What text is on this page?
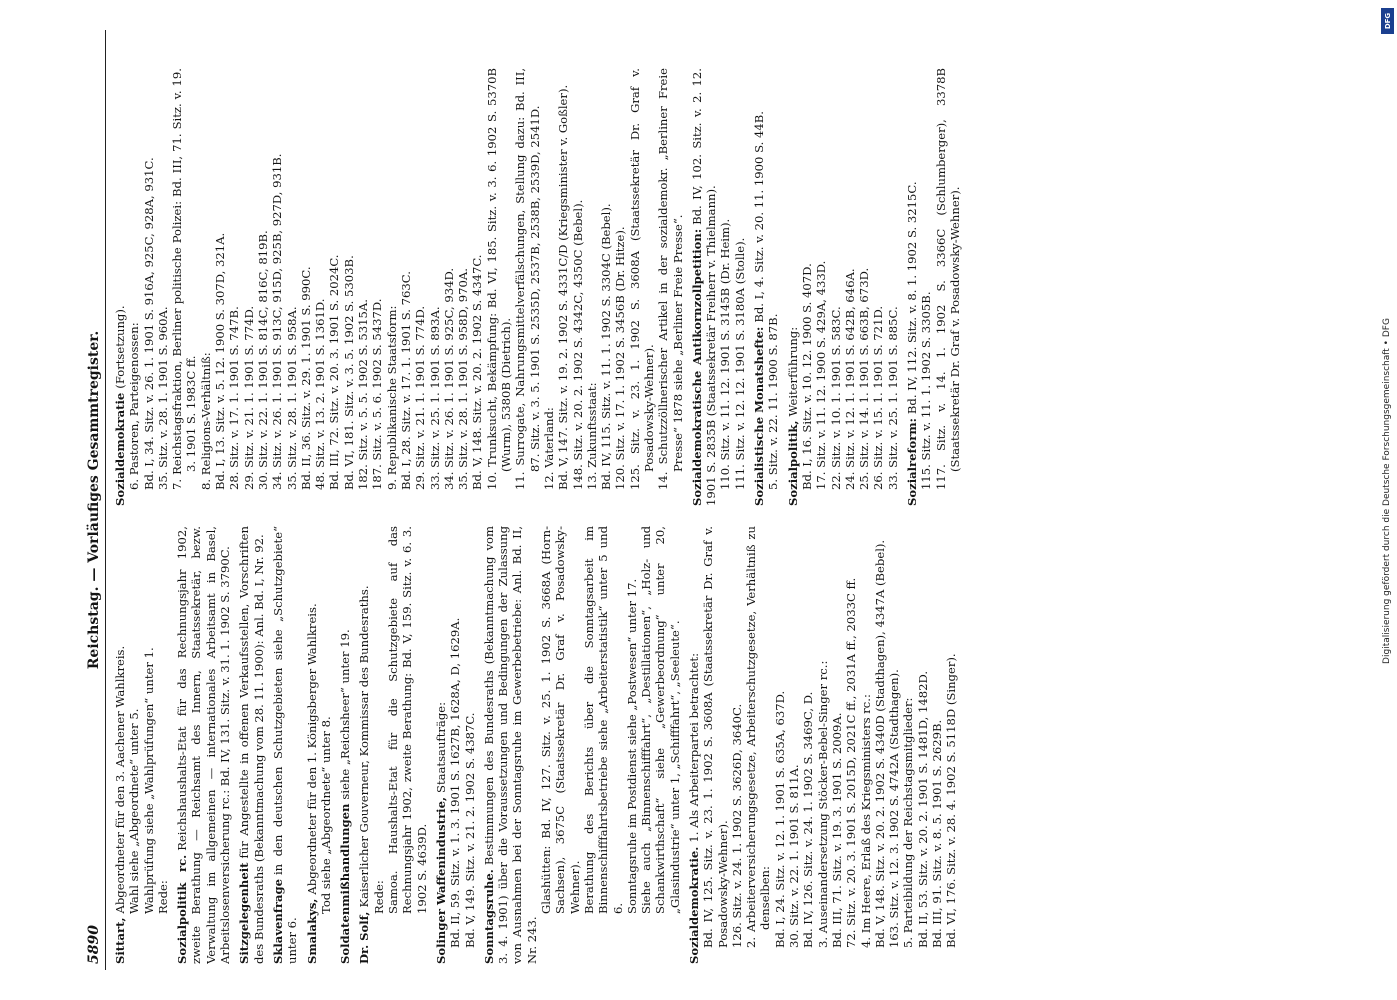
5890
Reichstag. — Vorläufiges Gesammtregister.
Sittart,Abgeordneter für den 3. Aachener Wahlkreis. Wahl siehe „Abgeordnete“ unter 5. Wahlprüfung siehe „Wahlprüfungen“ unter 1. Rede: Sozialpolitik rc.Reichshaushalts-Etat für das Rechnungsjahr 1902, zweite Berathung — Reichsamt des Innern, Staatssekretär, bezw. Verwaltung im allgemeinen — internationales Arbeitsamt in Basel, Arbeitslosenversicherung rc.: Bd. IV, 131. Sitz. v. 31. 1. 1902 S. 3790C. Sitzgelegenheitfür Angestellte in offenen Verkaufsstellen, Vorschriften des Bundesraths (Bekanntmachung vom 28. 11. 1900): Anl. Bd. I, Nr. 92. Sklavenfragein den deutschen Schutzgebieten siehe „Schutzgebiete“ unter 6. Smalakys,Abgeordneter für den 1. Königsberger Wahlkreis. Tod siehe „Abgeordnete“ unter 8. Soldatenmißhandlungensiehe „Reichsheer“ unter 19.
Dr. Solf,Kaiserlicher Gouverneur, Kommissar des Bundesraths. Rede: Samoa. Haushalts-Etat für die Schutzgebiete auf das Rechnungsjahr 1902, zweite Berathung: Bd. V, 159. Sitz. v. 6. 3. 1902 S. 4639D. Solinger Waffenindustrie,Staatsaufträge: Bd. II, 59. Sitz. v. 1. 3. 1901 S. 1627B, 1628A, D, 1629A. Bd. V, 149. Sitz. v. 21. 2. 1902 S. 4387C. Sonntagsruhe.Bestimmungen des Bundesraths (Bekanntmachung vom 3. 4. 1901) über die Voraussetzungen und Bedingungen der Zulassung von Ausnahmen bei der Sonntagsruhe im Gewerbebetriebe: Anl. Bd. II, Nr. 243.
Glashütten: Bd. IV, 127. Sitz. v. 25. 1. 1902 S. 3668A (Horn-Sachsen), 3675C (Staatssekretär Dr. Graf v. Posadowsky-Wehner). Berathung des Berichts über die Sonntagsarbeit im Binnenschifffahrtsbetriebe siehe „Arbeiterstatistik“ unter 5 und 6. Sonntagsruhe im Postdienst siehe „Postwesen“ unter 17. Siehe auch „Binnenschifffahrt“, „Destillationen“, „Holz- und Schankwirthschaft“ siehe „Gewerbeordnung“ unter 20, „Glasindustrie“ unter 1, „Schifffahrt“, „Seeleute“. Sozialdemokratie.1. Als Arbeiterpartei betrachtet: Bd. IV, 125. Sitz. v. 23. 1. 1902 S. 3608A (Staatssekretär Dr. Graf v. Posadowsky-Wehner). 126. Sitz. v. 24. 1. 1902 S. 3626D, 3640C. 2. Arbeiterversicherungsgesetze, Arbeiterschutzgesetze, Verhältniß zu denselben: Bd. I, 24. Sitz. v. 12. 1. 1901 S. 635A, 637D. 30. Sitz. v. 22. 1. 1901 S. 811A. Bd. IV, 126. Sitz. v. 24. 1. 1902 S. 3469C, D. 3. Auseinandersetzung Stöcker-Bebel-Singer rc.: Bd. III, 71. Sitz. v. 19. 3. 1901 S. 2009A. 72. Sitz. v. 20. 3. 1901 S. 2015D, 2021C ff., 2031A ff., 2033C ff. 4. Im Heere, Erlaß des Kriegsministers rc.: Bd. V, 148. Sitz. v. 20. 2. 1902 S. 4340D (Stadthagen), 4347A (Bebel). 163. Sitz. v. 12. 3. 1902 S. 4742A (Stadthagen). 5. Parteibildung der Reichstagsmitglieder: Bd. II, 53. Sitz. v. 20. 2. 1901 S. 1481D, 1482D. Bd. III, 91. Sitz. v. 8. 5. 1901 S. 2629B. Bd. VI, 176. Sitz. v. 28. 4. 1902 S. 5118D (Singer).
Sozialdemokratie(Fortsetzung). 6. Pastoren, Parteigenossen: Bd. I, 34. Sitz. v. 26. 1. 1901 S. 916A, 925C, 928A, 931C. 35. Sitz. v. 28. 1. 1901 S. 960A. 7. Reichstagsfraktion, Berliner politische Polizei: Bd. III, 71. Sitz. v. 19. 3. 1901 S. 1983C ff. 8. Religions-Verhältniß: Bd. I, 13. Sitz. v. 5. 12. 1900 S. 307D, 321A. 28. Sitz. v. 17. 1. 1901 S. 747B. 29. Sitz. v. 21. 1. 1901 S. 774D. 30. Sitz. v. 22. 1. 1901 S. 814C, 816C, 819B. 34. Sitz. v. 26. 1. 1901 S. 913C, 915D, 925B, 927D, 931B. 35. Sitz. v. 28. 1. 1901 S. 958A. Bd. II, 36. Sitz. v. 29. 1. 1901 S. 990C. 48. Sitz. v. 13. 2. 1901 S. 1361D. Bd. III, 72. Sitz. v. 20. 3. 1901 S. 2024C. Bd. VI, 181. Sitz. v. 3. 5. 1902 S. 5303B. 182. Sitz. v. 5. 5. 1902 S. 5315A. 187. Sitz. v. 5. 6. 1902 S. 5437D. 9. Republikanische Staatsform: Bd. I, 28. Sitz. v. 17. 1. 1901 S. 763C. 29. Sitz. v. 21. 1. 1901 S. 774D. 33. Sitz. v. 25. 1. 1901 S. 893A. 34. Sitz. v. 26. 1. 1901 S. 925C, 934D. 35. Sitz. v. 28. 1. 1901 S. 958D, 970A. Bd. V, 148. Sitz. v. 20. 2. 1902 S. 4347C. 10. Trunksucht, Bekämpfung: Bd. VI, 185. Sitz. v. 3. 6. 1902 S. 5370B (Wurm), 5380B (Dietrich). 11. Surrogate, Nahrungsmittelverfälschungen, Stellung dazu: Bd. III, 87. Sitz. v. 3. 5. 1901 S. 2535D, 2537B, 2538B, 2539D, 2541D. 12. Vaterland: Bd. V, 147. Sitz. v. 19. 2. 1902 S. 4331C/D (Kriegsminister v. Goßler). 148. Sitz. v. 20. 2. 1902 S. 4342C, 4350C (Bebel). 13. Zukunftsstaat: Bd. IV, 115. Sitz. v. 11. 1. 1902 S. 3304C (Bebel). 120. Sitz. v. 17. 1. 1902 S. 3456B (Dr. Hitze). 125. Sitz. v. 23. 1. 1902 S. 3608A (Staatssekretär Dr. Graf v. Posadowsky-Wehner). 14. Schutzzöllnerischer Artikel in der sozialdemokr. „Berliner Freie Presse“ 1878 siehe „Berliner Freie Presse“. Sozialdemokratische Antikornzollpetition:Bd. IV, 102. Sitz. v. 2. 12. 1901 S. 2835B (Staatssekretär Freiherr v. Thielmann). 110. Sitz. v. 11. 12. 1901 S. 3145B (Dr. Heim). 111. Sitz. v. 12. 12. 1901 S. 3180A (Stolle). Sozialistische Monatshefte:Bd. I, 4. Sitz. v. 20. 11. 1900 S. 44B.
5. Sitz. v. 22. 11. 1900 S. 87B. Sozialpolitik,Weiterführung: Bd. I, 16. Sitz. v. 10. 12. 1900 S. 407D. 17. Sitz. v. 11. 12. 1900 S. 429A, 433D. 22. Sitz. v. 10. 1. 1901 S. 583C. 24. Sitz. v. 12. 1. 1901 S. 642B, 646A. 25. Sitz. v. 14. 1. 1901 S. 663B, 673D. 26. Sitz. v. 15. 1. 1901 S. 721D. 33. Sitz. v. 25. 1. 1901 S. 885C. Sozialreform:Bd. IV, 112. Sitz. v. 8. 1. 1902 S. 3215C. 115. Sitz. v. 11. 1. 1902 S. 3305B. 117. Sitz. v. 14. 1. 1902 S. 3366C (Schlumberger), 3378B (Staatssekretär Dr. Graf v. Posadowsky-Wehner).	Digitalisierung gefördert durch die Deutsche Forschungsgemeinschaft • DFG
DFG
